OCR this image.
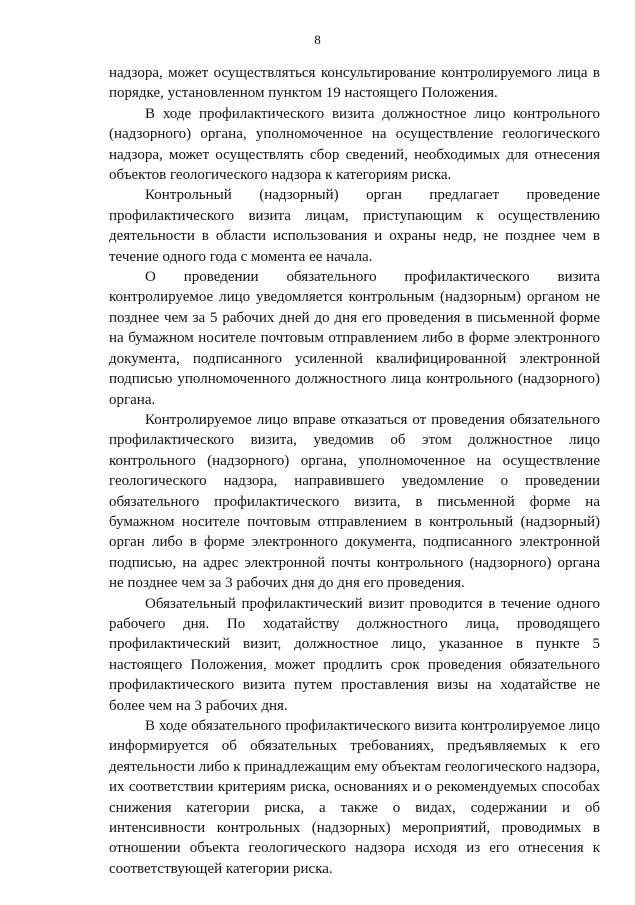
8

надзора, может осуществляться консультирование контролируемого лица в порядке, установленном пунктом 19 настоящего Положения.

В ходе профилактического визита должностное лицо контрольного (надзорного) органа, уполномоченное на осуществление геологического надзора, может осуществлять сбор сведений, необходимых для отнесения объектов геологического надзора к категориям риска.

Контрольный (надзорный) орган предлагает проведение профилактического визита лицам, приступающим к осуществлению деятельности в области использования и охраны недр, не позднее чем в течение одного года с момента ее начала.

О проведении обязательного профилактического визита контролируемое лицо уведомляется контрольным (надзорным) органом не позднее чем за 5 рабочих дней до дня его проведения в письменной форме на бумажном носителе почтовым отправлением либо в форме электронного документа, подписанного усиленной квалифицированной электронной подписью уполномоченного должностного лица контрольного (надзорного) органа.

Контролируемое лицо вправе отказаться от проведения обязательного профилактического визита, уведомив об этом должностное лицо контрольного (надзорного) органа, уполномоченное на осуществление геологического надзора, направившего уведомление о проведении обязательного профилактического визита, в письменной форме на бумажном носителе почтовым отправлением в контрольный (надзорный) орган либо в форме электронного документа, подписанного электронной подписью, на адрес электронной почты контрольного (надзорного) органа не позднее чем за 3 рабочих дня до дня его проведения.

Обязательный профилактический визит проводится в течение одного рабочего дня. По ходатайству должностного лица, проводящего профилактический визит, должностное лицо, указанное в пункте 5 настоящего Положения, может продлить срок проведения обязательного профилактического визита путем проставления визы на ходатайстве не более чем на 3 рабочих дня.

В ходе обязательного профилактического визита контролируемое лицо информируется об обязательных требованиях, предъявляемых к его деятельности либо к принадлежащим ему объектам геологического надзора, их соответствии критериям риска, основаниях и о рекомендуемых способах снижения категории риска, а также о видах, содержании и об интенсивности контрольных (надзорных) мероприятий, проводимых в отношении объекта геологического надзора исходя из его отнесения к соответствующей категории риска.
